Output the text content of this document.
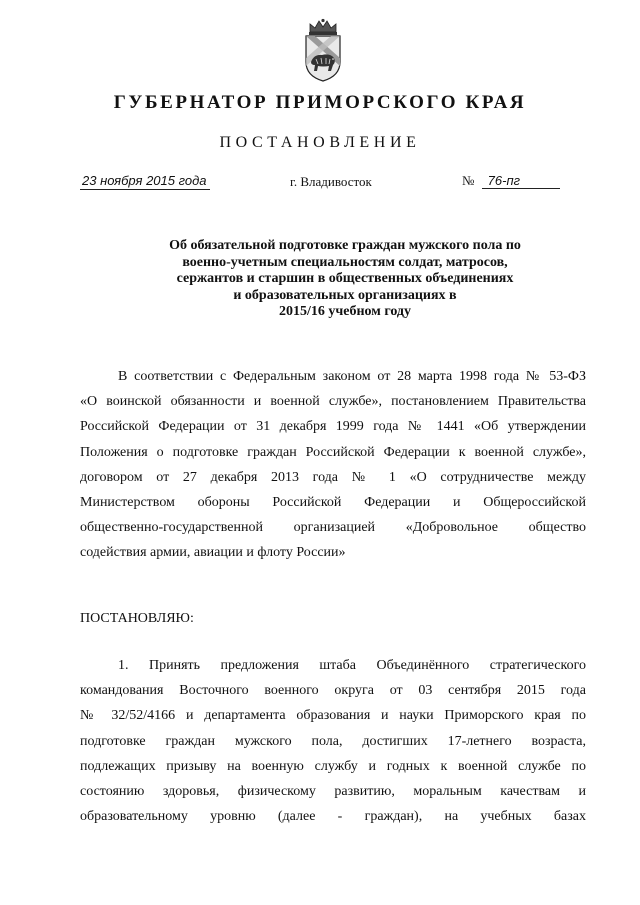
ГУБЕРНАТОР ПРИМОРСКОГО КРАЯ
ПОСТАНОВЛЕНИЕ
23 ноября 2015 года	г. Владивосток	№ 76-пг
Об обязательной подготовке граждан мужского пола по
военно-учетным специальностям солдат, матросов,
сержантов и старшин в общественных объединениях
и образовательных организациях в
2015/16 учебном году
В соответствии с Федеральным законом от 28 марта 1998 года № 53-ФЗ
«О воинской обязанности и военной службе», постановлением Правительства
Российской Федерации от 31 декабря 1999 года № 1441 «Об утверждении
Положения о подготовке граждан Российской Федерации к военной службе»,
договором от 27 декабря 2013 года № 1 «О сотрудничестве между
Министерством обороны Российской Федерации и Общероссийской
общественно-государственной организацией «Добровольное общество
содействия армии, авиации и флоту России»
ПОСТАНОВЛЯЮ:
1. Принять предложения штаба Объединённого стратегического
командования Восточного военного округа от 03 сентября 2015 года
№ 32/52/4166 и департамента образования и науки Приморского края по
подготовке граждан мужского пола, достигших 17-летнего возраста,
подлежащих призыву на военную службу и годных к военной службе по
состоянию здоровья, физическому развитию, моральным качествам и
образовательному уровню (далее - граждан), на учебных базах
